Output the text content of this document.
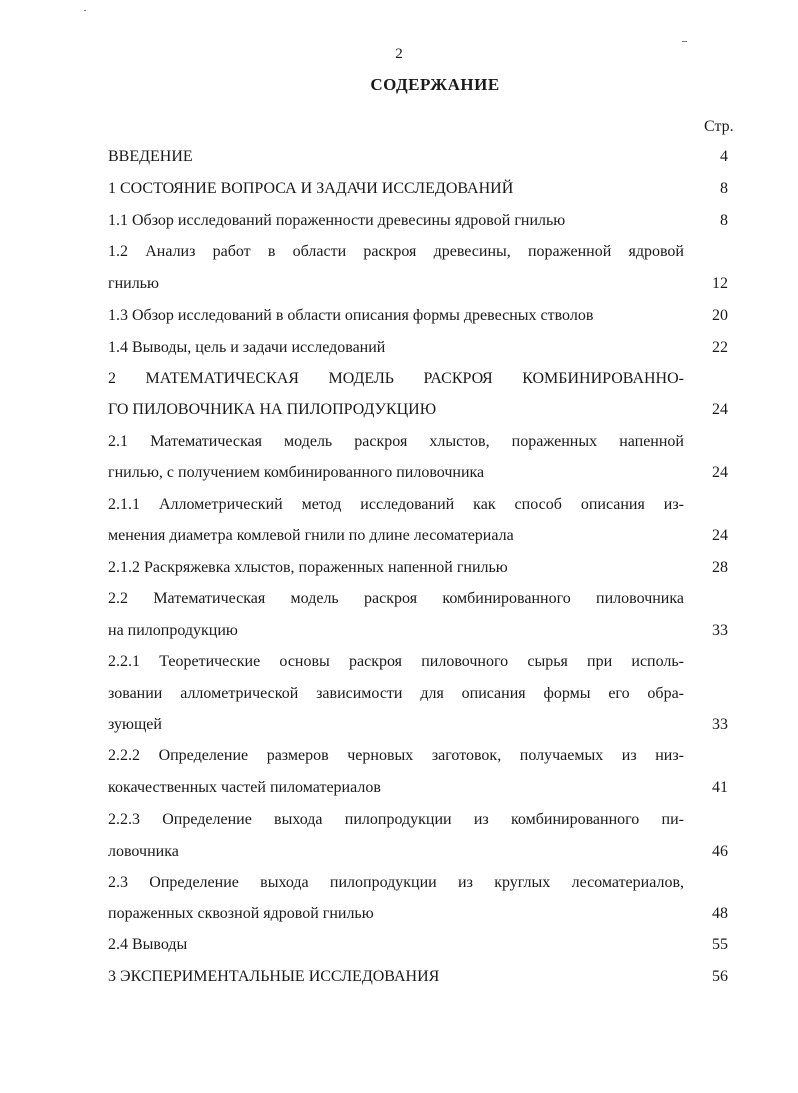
2
СОДЕРЖАНИЕ
Стр.
ВВЕДЕНИЕ	4
1 СОСТОЯНИЕ ВОПРОСА И ЗАДАЧИ ИССЛЕДОВАНИЙ	8
1.1 Обзор исследований пораженности древесины ядровой гнилью	8
1.2 Анализ работ в области раскроя древесины, пораженной ядровой
гнилью	12
1.3 Обзор исследований в области описания формы древесных стволов	20
1.4 Выводы, цель и задачи исследований	22
2 МАТЕМАТИЧЕСКАЯ МОДЕЛЬ РАСКРОЯ КОМБИНИРОВАННО-
ГО ПИЛОВОЧНИКА НА ПИЛОПРОДУКЦИЮ	24
2.1 Математическая модель раскроя хлыстов, пораженных напенной
гнилью, с получением комбинированного пиловочника	24
2.1.1 Аллометрический метод исследований как способ описания из-
менения диаметра комлевой гнили по длине лесоматериала	24
2.1.2 Раскряжевка хлыстов, пораженных напенной гнилью	28
2.2 Математическая модель раскроя комбинированного пиловочника
на пилопродукцию	33
2.2.1 Теоретические основы раскроя пиловочного сырья при исполь-
зовании аллометрической зависимости для описания формы его обра-
зующей	33
2.2.2 Определение размеров черновых заготовок, получаемых из низ-
кокачественных частей пиломатериалов	41
2.2.3 Определение выхода пилопродукции из комбинированного пи-
ловочника	46
2.3 Определение выхода пилопродукции из круглых лесоматериалов,
пораженных сквозной ядровой гнилью	48
2.4 Выводы	55
3 ЭКСПЕРИМЕНТАЛЬНЫЕ ИССЛЕДОВАНИЯ	56
